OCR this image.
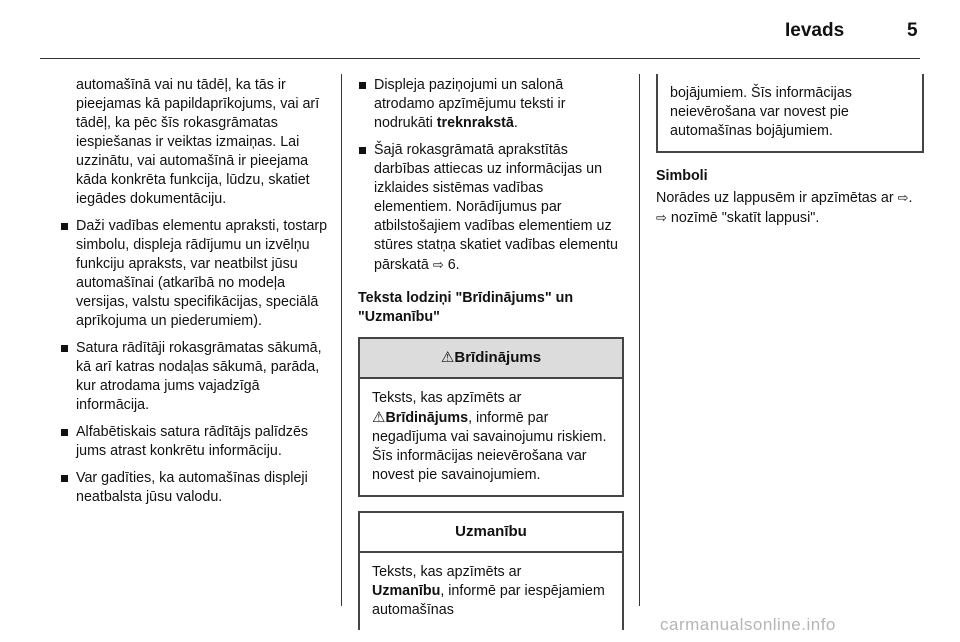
Ievads	5
automašīnā vai nu tādēļ, ka tās ir pieejamas kā papildaprīkojums, vai arī tādēļ, ka pēc šīs rokasgrāmatas iespiešanas ir veiktas izmaiņas. Lai uzzinātu, vai automašīnā ir pieejama kāda konkrēta funkcija, lūdzu, skatiet iegādes dokumentāciju.
Daži vadības elementu apraksti, tostarp simbolu, displeja rādījumu un izvēlņu funkciju apraksts, var neatbilst jūsu automašīnai (atkarībā no modeļa versijas, valstu specifikācijas, speciālā aprīkojuma un piederumiem).
Satura rādītāji rokasgrāmatas sākumā, kā arī katras nodaļas sākumā, parāda, kur atrodama jums vajadzīgā informācija.
Alfabētiskais satura rādītājs palīdzēs jums atrast konkrētu informāciju.
Var gadīties, ka automašīnas displeji neatbalsta jūsu valodu.
Displeja paziņojumi un salonā atrodamo apzīmējumu teksti ir nodrukāti treknrakstā.
Šajā rokasgrāmatā aprakstītās darbības attiecas uz informācijas un izklaides sistēmas vadības elementiem. Norādījumus par atbilstošajiem vadības elementiem uz stūres statņa skatiet vadības elementu pārskatā ⇨ 6.
Teksta lodziņi "Brīdinājums" un "Uzmanību"
⚠Brīdinājums
Teksts, kas apzīmēts ar
⚠Brīdinājums, informē par negadījuma vai savainojumu riskiem. Šīs informācijas neievērošana var novest pie savainojumiem.
Uzmanību
Teksts, kas apzīmēts ar
Uzmanību, informē par iespējamiem automašīnas
bojājumiem. Šīs informācijas neievērošana var novest pie automašīnas bojājumiem.
Simboli
Norādes uz lappusēm ir apzīmētas ar ⇨. ⇨ nozīmē "skatīt lappusi".
carmanualsonline.info
